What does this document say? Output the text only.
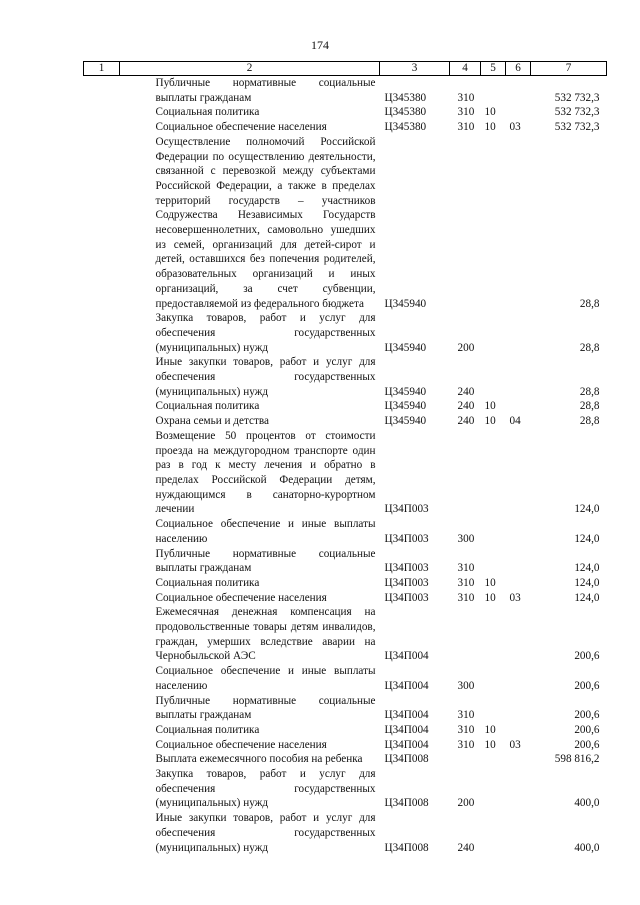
174
1	2	3	4	5	6	7
	Публичные нормативные социальные выплаты гражданам	Ц345380	310			532 732,3
	Социальная политика	Ц345380	310	10		532 732,3
	Социальное обеспечение населения	Ц345380	310	10	03	532 732,3
	Осуществление полномочий Российской Федерации по осуществлению деятельности, связанной с перевозкой между субъектами Российской Федерации, а также в пределах территорий государств – участников Содружества Независимых Государств несовершеннолетних, самовольно ушедших из семей, организаций для детей-сирот и детей, оставшихся без попечения родителей, образовательных организаций и иных организаций, за счет субвенции, предоставляемой из федерального бюджета	Ц345940				28,8
	Закупка товаров, работ и услуг для обеспечения государственных (муниципальных) нужд	Ц345940	200			28,8
	Иные закупки товаров, работ и услуг для обеспечения государственных (муниципальных) нужд	Ц345940	240			28,8
	Социальная политика	Ц345940	240	10		28,8
	Охрана семьи и детства	Ц345940	240	10	04	28,8
	Возмещение 50 процентов от стоимости проезда на междугородном транспорте один раз в год к месту лечения и обратно в пределах Российской Федерации детям, нуждающимся в санаторно-курортном лечении	Ц34П003				124,0
	Социальное обеспечение и иные выплаты населению	Ц34П003	300			124,0
	Публичные нормативные социальные выплаты гражданам	Ц34П003	310			124,0
	Социальная политика	Ц34П003	310	10		124,0
	Социальное обеспечение населения	Ц34П003	310	10	03	124,0
	Ежемесячная денежная компенсация на продовольственные товары детям инвалидов, граждан, умерших вследствие аварии на Чернобыльской АЭС	Ц34П004				200,6
	Социальное обеспечение и иные выплаты населению	Ц34П004	300			200,6
	Публичные нормативные социальные выплаты гражданам	Ц34П004	310			200,6
	Социальная политика	Ц34П004	310	10		200,6
	Социальное обеспечение населения	Ц34П004	310	10	03	200,6
	Выплата ежемесячного пособия на ребенка	Ц34П008				598 816,2
	Закупка товаров, работ и услуг для обеспечения государственных (муниципальных) нужд	Ц34П008	200			400,0
	Иные закупки товаров, работ и услуг для обеспечения государственных (муниципальных) нужд	Ц34П008	240			400,0
